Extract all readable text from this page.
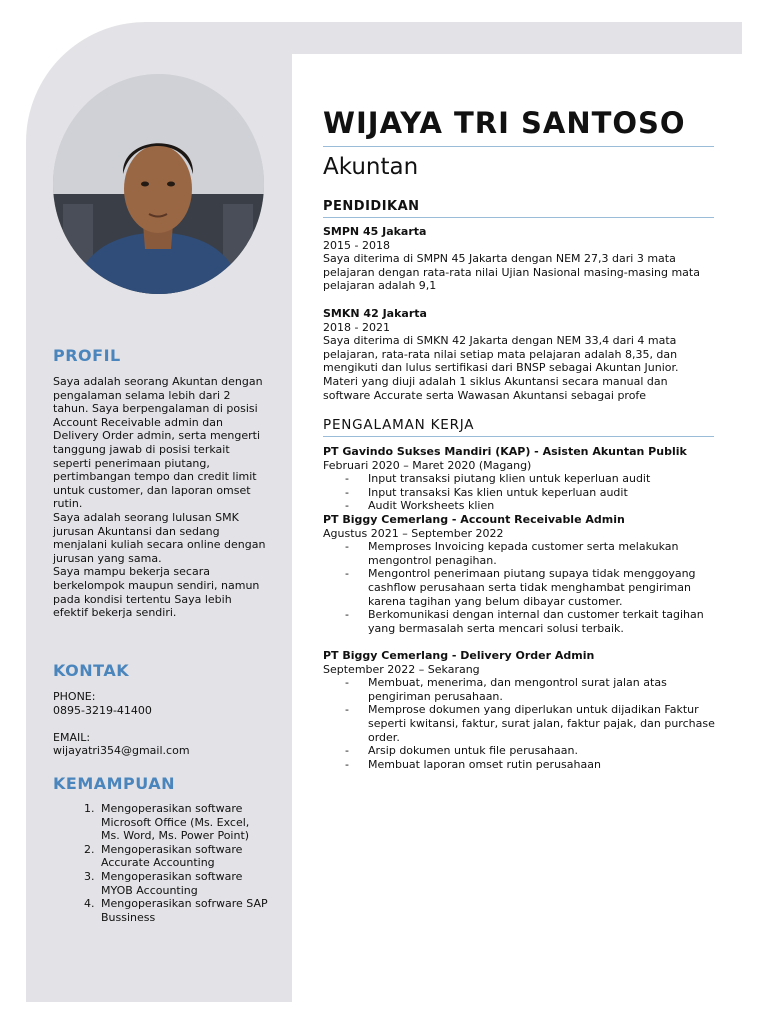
PROFIL

Saya adalah seorang Akuntan dengan pengalaman selama lebih dari 2 tahun. Saya berpengalaman di posisi Account Receivable admin dan Delivery Order admin, serta mengerti tanggung jawab di posisi terkait seperti penerimaan piutang, pertimbangan tempo dan credit limit untuk customer, dan laporan omset rutin.

Saya adalah seorang lulusan SMK jurusan Akuntansi dan sedang menjalani kuliah secara online dengan jurusan yang sama.

Saya mampu bekerja secara berkelompok maupun sendiri, namun pada kondisi tertentu Saya lebih efektif bekerja sendiri.

KONTAK
PHONE:
0895-3219-41400
EMAIL:
wijayatri354@gmail.com
KEMAMPUAN
1. Mengoperasikan software Microsoft Office (Ms. Excel, Ms. Word, Ms. Power Point)
2. Mengoperasikan software Accurate Accounting
3. Mengoperasikan software MYOB Accounting
4. Mengoperasikan sofrware SAP Bussiness
WIJAYA TRI SANTOSO
Akuntan
PENDIDIKAN
SMPN 45 Jakarta
2015 - 2018

Saya diterima di SMPN 45 Jakarta dengan NEM 27,3 dari 3 mata pelajaran dengan rata-rata nilai Ujian Nasional masing-masing mata pelajaran adalah 9,1

SMKN 42 Jakarta
2018 - 2021

Saya diterima di SMKN 42 Jakarta dengan NEM 33,4 dari 4 mata pelajaran, rata-rata nilai setiap mata pelajaran adalah 8,35, dan mengikuti dan lulus sertifikasi dari BNSP sebagai Akuntan Junior. Materi yang diuji adalah 1 siklus Akuntansi secara manual dan software Accurate serta Wawasan Akuntansi sebagai profe

PENGALAMAN KERJA
PT Gavindo Sukses Mandiri (KAP) - Asisten Akuntan Publik
Februari 2020 – Maret 2020 (Magang)
- Input transaksi piutang klien untuk keperluan audit
- Input transaksi Kas klien untuk keperluan audit
- Audit Worksheets klien
PT Biggy Cemerlang - Account Receivable Admin
Agustus 2021 – September 2022
- Memproses Invoicing kepada customer serta melakukan mengontrol penagihan.
- Mengontrol penerimaan piutang supaya tidak menggoyang cashflow perusahaan serta tidak menghambat pengiriman karena tagihan yang belum dibayar customer.
- Berkomunikasi dengan internal dan customer terkait tagihan yang bermasalah serta mencari solusi terbaik.
PT Biggy Cemerlang - Delivery Order Admin
September 2022 – Sekarang
- Membuat, menerima, dan mengontrol surat jalan atas pengiriman perusahaan.
- Memprose dokumen yang diperlukan untuk dijadikan Faktur seperti kwitansi, faktur, surat jalan, faktur pajak, dan purchase order.
- Arsip dokumen untuk file perusahaan.
- Membuat laporan omset rutin perusahaan
